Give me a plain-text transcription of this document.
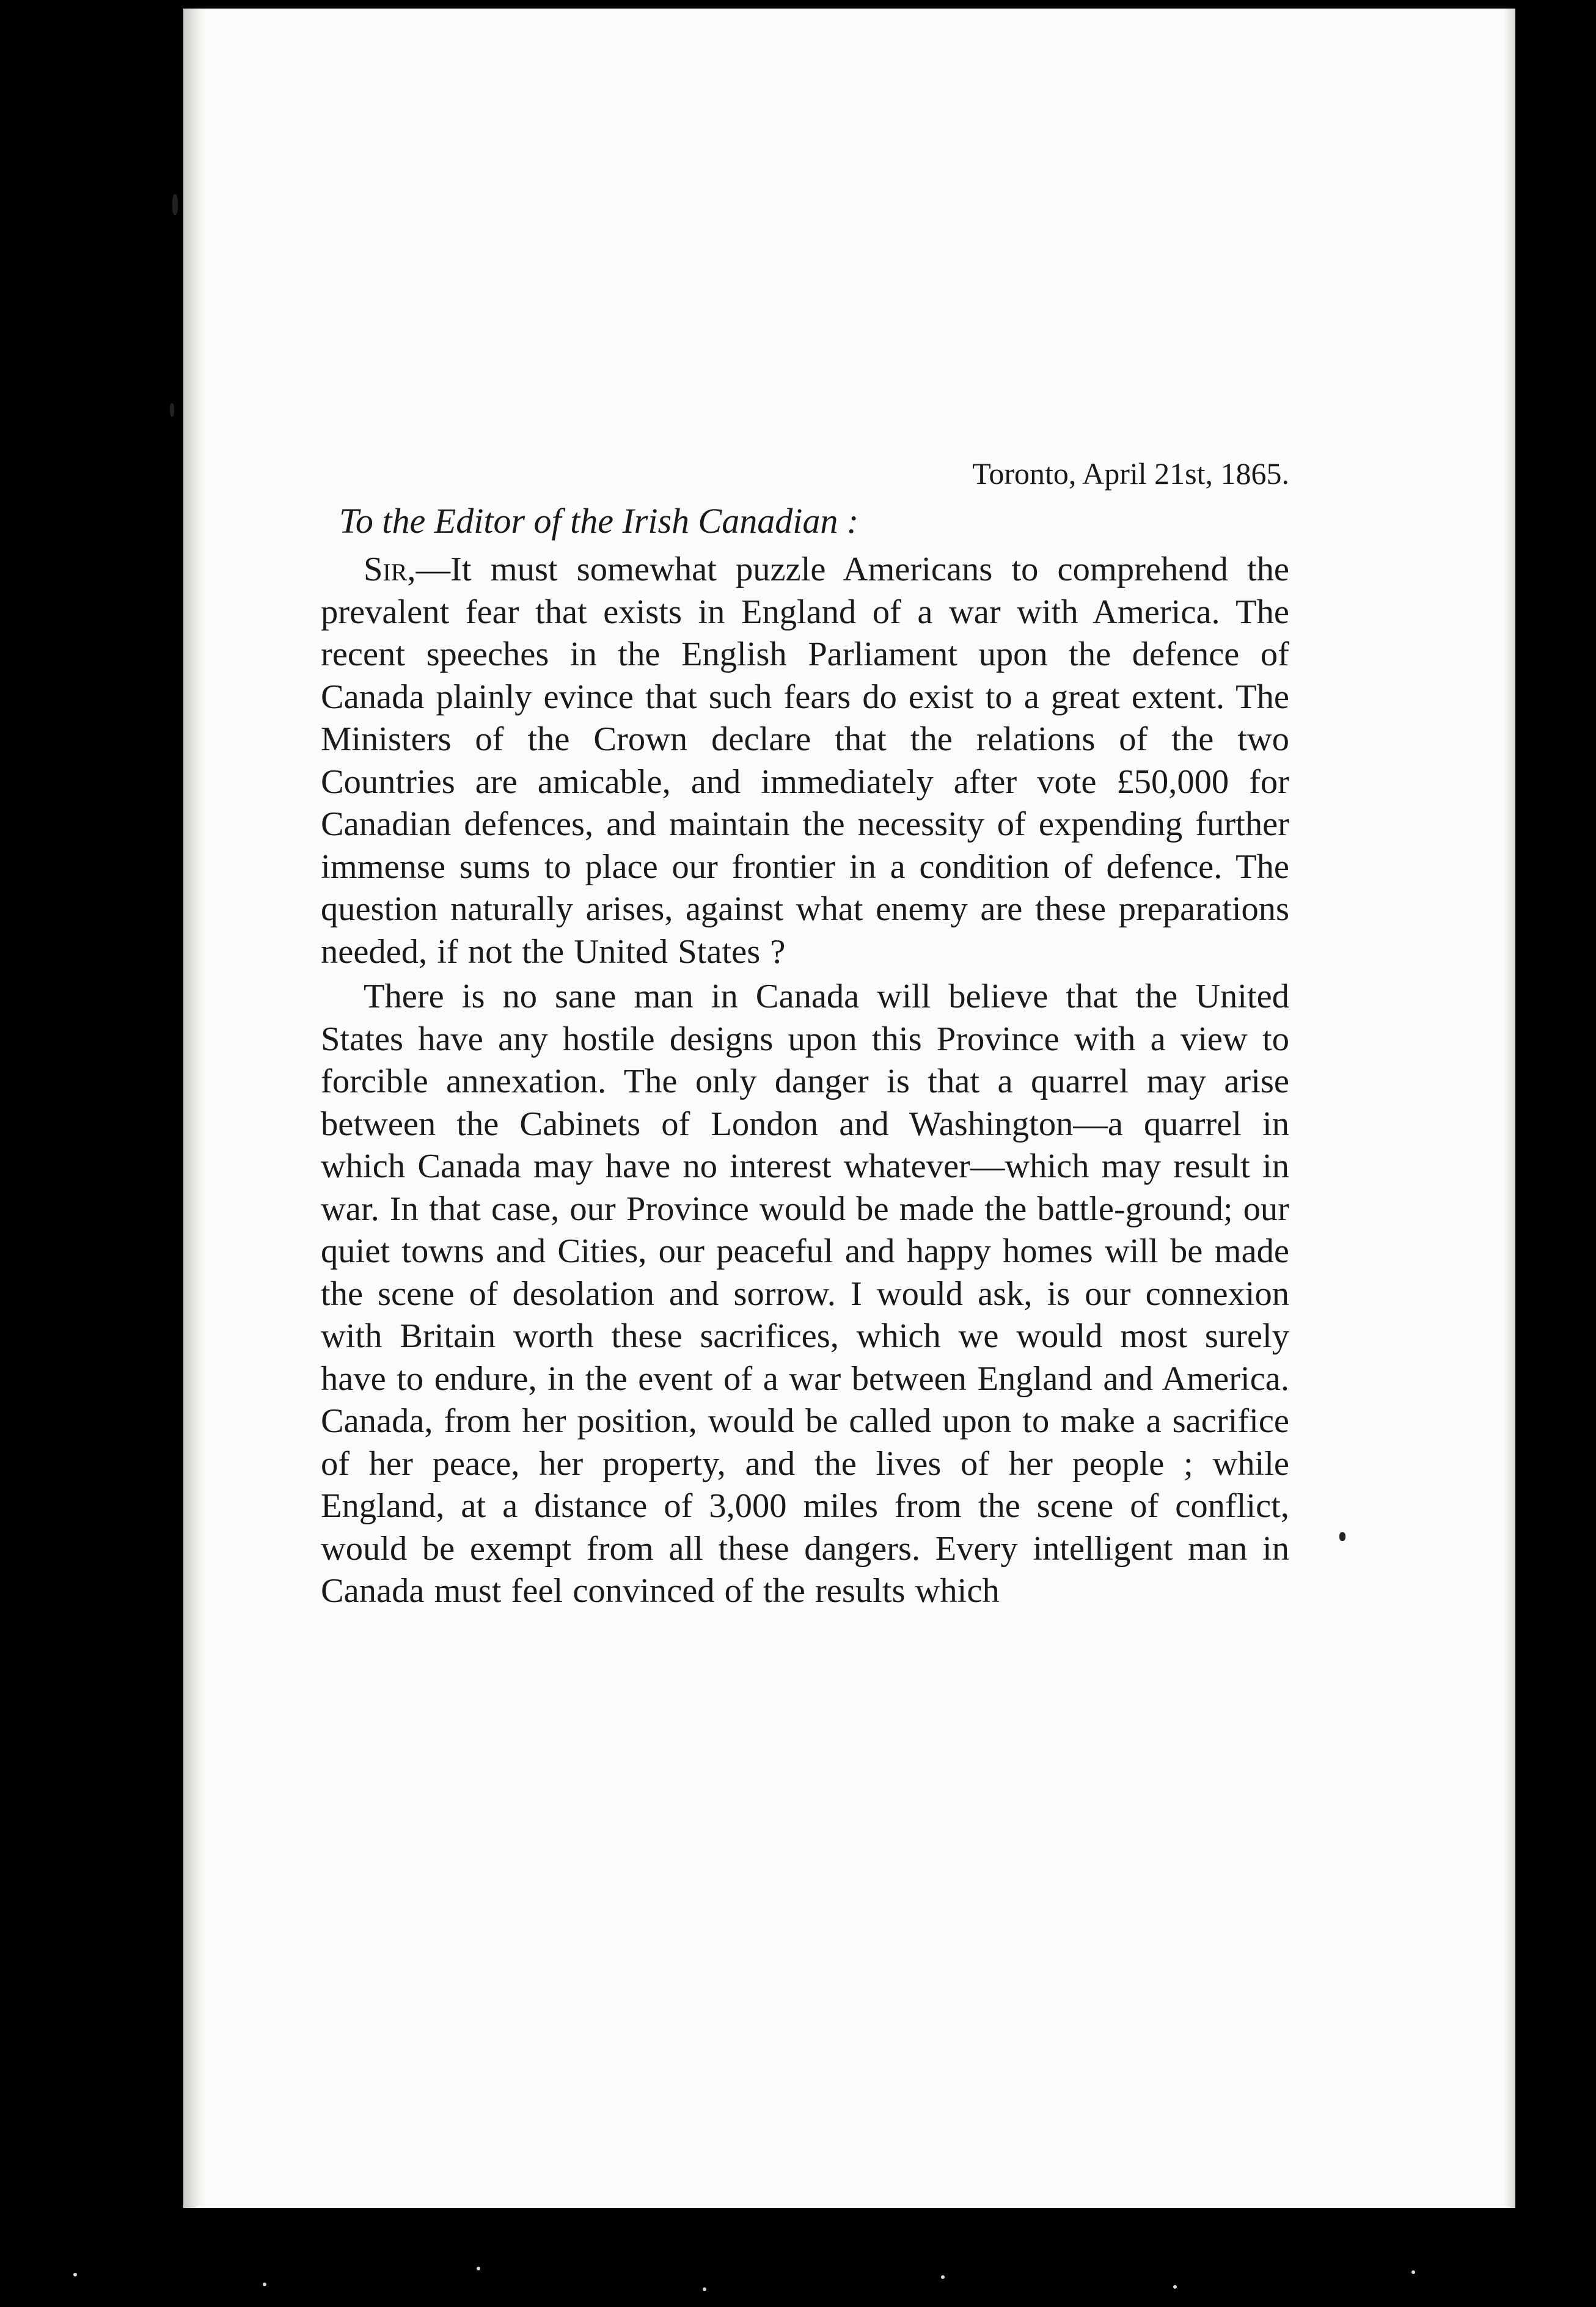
Toronto, April 21st, 1865.

To the Editor of the Irish Canadian :

Sir,—It must somewhat puzzle Americans to comprehend the prevalent fear that exists in England of a war with America. The recent speeches in the English Parliament upon the defence of Canada plainly evince that such fears do exist to a great extent. The Ministers of the Crown declare that the relations of the two Countries are amicable, and immediately after vote £50,000 for Canadian defences, and maintain the necessity of expending further immense sums to place our frontier in a condition of defence. The question naturally arises, against what enemy are these preparations needed, if not the United States ?

There is no sane man in Canada will believe that the United States have any hostile designs upon this Province with a view to forcible annexation. The only danger is that a quarrel may arise between the Cabinets of London and Washington—a quarrel in which Canada may have no interest whatever—which may result in war. In that case, our Province would be made the battle-ground; our quiet towns and Cities, our peaceful and happy homes will be made the scene of desolation and sorrow. I would ask, is our connexion with Britain worth these sacrifices, which we would most surely have to endure, in the event of a war between England and America. Canada, from her position, would be called upon to make a sacrifice of her peace, her property, and the lives of her people ; while England, at a distance of 3,000 miles from the scene of conflict, would be exempt from all these dangers. Every intelligent man in Canada must feel convinced of the results which
